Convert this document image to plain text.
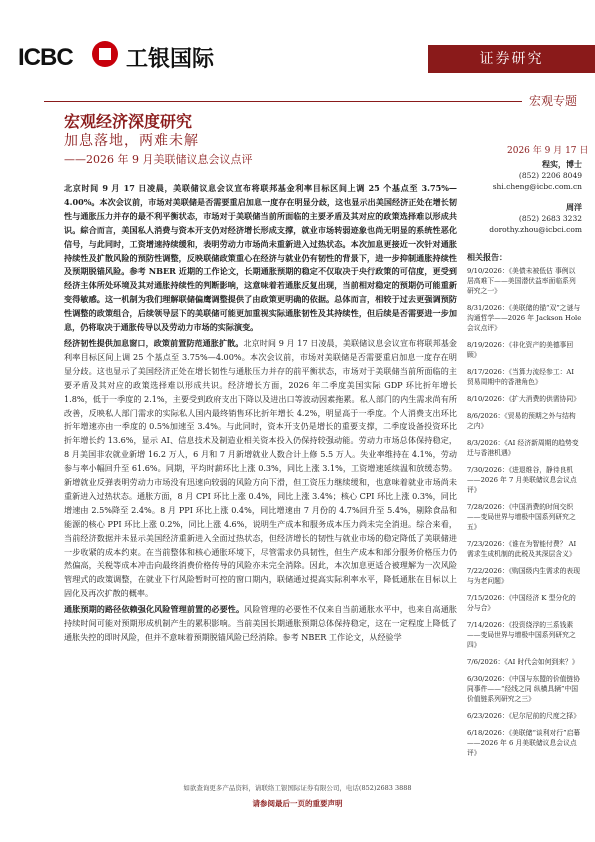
ICBC 工银国际	证券研究
宏观专题
宏观经济深度研究
加息落地，两难未解
——2026 年 9 月美联储议息会议点评
2026 年 9 月 17 日
程实，博士
(852) 2206 8049
shi.cheng@icbc.com.cn
周洋
(852) 2683 3232
dorothy.zhou@icbci.com
相关报告：
9/10/2026：《美债未被低估 事例以居高难下——美国潜伏益率面临系列研究之一》
8/31/2026：《美联储的锚“双”之谜与沟通哲学——2026 年 Jackson Hole 会议点评》
8/19/2026：《非化资产的美德事回顾》
8/17/2026：《当算力流经参工：AI 贸易周期中的香港角色》
8/10/2026：《扩大消费的供需协同》
8/6/2026：《贸易的预期之外与结构之内》
8/3/2026：《AI 经济新周期的趋势变迁与香港机遇》
7/30/2026：《进退维谷，静待良机——2026 年 7 月美联储议息会议点评》
7/28/2026：《中国消费的时间交织——变局世界与增极中国系列研究之五》
7/23/2026：《谁在为智能付费？ AI 需求生成机制的此税及其深层含义》
7/22/2026：《购国级内生需求的表现与为老问题》
7/15/2026：《中国经济 K 型分化的分与合》
7/14/2026：《投资绕浮的三系钱素——变局世界与增极中国系列研究之四》
7/6/2026：《AI 时代会如何到来？》
6/30/2026：《中国与东盟的价值链协同事件——“经线之同 纵横具辆”中国价值链系列研究之三》
6/23/2026：《尼尔尼前的尺度之择》
6/18/2026：《美联储“谈利对行”启幕——2026 年 6 月美联储议息会议点评》

北京时间 9 月 17 日凌晨，美联储议息会议宣布将联邦基金利率目标区间上调 25 个基点至 3.75%—4.00%。本次会议前，市场对美联储是否需要重启加息一度存在明显分歧，这也显示出美国经济正处在增长韧性与通胀压力并存的最不利平衡状态，市场对于美联储当前所面临的主要矛盾及其对应的政策选择难以形成共识。綜合而言，美国私人消费与资本开支仍对经济增长形成支撑，就业市场转弱迹象也尚无明显的系统性恶化信号，与此同时，工资增速持续缓和，表明劳动力市场尚未重新进入过热状态。本次加息更接近一次针对通胀持续性及扩散风险的预防性调整，反映联储政策重心在经济与就业仍有韧性的背景下，进一步抑制通胀持续性及预期脱锚风险。参考 NBER 近期的工作论文，长期通胀预期的稳定不仅取决于央行政策的可信度，更受到经济主体所处环境及其对通胀持续性的判断影响，这意味着若通胀反复出现，当前相对稳定的预期仍可能重新变得敏感。这一机制为我们理解联储偏鹰调整提供了由政策更明确的依据。总体而言，相较于过去更强调预防性调整的政策组合，后续领导层下的美联储可能更加重视实际通胀韧性及其持续性，但后续是否需要进一步加息，仍将取决于通胀传导以及劳动力市场的实际演变。

经济韧性提供加息窗口，政策前置防范通胀扩散。北京时间 9 月 17 日凌晨，美联储议息会议宣布将联邦基金利率目标区间上调 25 个基点至 3.75%—4.00%。本次会议前，市场对美联储是否需要重启加息一度存在明显分歧。这也显示了美国经济正处在增长韧性与通胀压力并存的前平衡状态，市场对于美联储当前所面临的主要矛盾及其对应的政策选择难以形成共识。经济增长方面，2026 年二季度美国实际 GDP 环比折年增长 1.8%，低于一季度的 2.1%，主要受到政府支出下降以及进出口等波动因素拖累。私人部门的内生需求尚有所改善，反映私人部门需求的实际私人国内最终销售环比折年增长 4.2%，明显高于一季度。个人消费支出环比折年增速亦由一季度的 0.5%加速至 3.4%。与此同时，资本开支仍是增长的重要支撑，二季度设备投资环比折年增长约 13.6%，显示 AI、信息技术及制造业相关资本投入仍保持较强动能。劳动力市场总体保持稳定，8 月美国非农就业新增 16.2 万人，6 月和 7 月新增就业人数合计上修 5.5 万人。失业率维持在 4.1%，劳动参与率小幅回升至 61.6%。同期，平均时薪环比上涨 0.3%，同比上涨 3.1%，工资增速延续温和放缓态势。新增就业反弹表明劳动力市场没有迅速向较弱的风险方向下滑，但工资压力继续缓和，也意味着就业市场尚未重新进入过热状态。通胀方面，8 月 CPI 环比上涨 0.4%，同比上涨 3.4%；核心 CPI 环比上涨 0.3%，同比增速由 2.5%降至 2.4%。8 月 PPI 环比上涨 0.4%，同比增速由 7 月份的 4.7%回升至 5.4%，剔除食品和能源的核心 PPI 环比上涨 0.2%，同比上涨 4.6%，说明生产成本和服务成本压力尚未完全消退。综合来看，当前经济数据并未显示美国经济重新进入全面过热状态，但经济增长的韧性与就业市场的稳定降低了美联储进一步收紧的成本约束。在当前整体和核心通胀环境下，尽管需求仍具韧性，但生产成本和部分服务价格压力仍然偏高，关税等成本冲击向最终消费价格传导的风险亦未完全消除。因此，本次加息更适合被理解为一次风险管理式的政策调整，在就业下行风险暂时可控的窗口期内，联储通过提高实际利率水平，降低通胀在目标以上固化及再次扩散的概率。

通胀预期的路径依赖强化风险管理前置的必要性。风险管理的必要性不仅来自当前通胀水平中，也来自高通胀持续时间可能对预期形成机制产生的累积影响。当前美国长期通胀预期总体保持稳定，这在一定程度上降低了通胀失控的即时风险，但并不意味着预期脱锚风险已经消除。参考 NBER 工作论文，从经验学

如欲查询更多产品资料，请联络工银国际证券有限公司，电话(852)2683 3888
请参阅最后一页的重要声明
